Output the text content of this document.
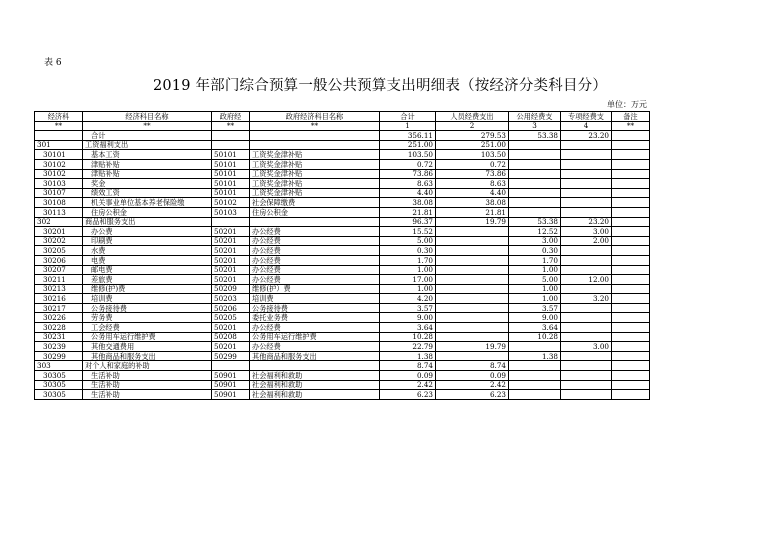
表 6
2019 年部门综合预算一般公共预算支出明细表（按经济分类科目分）
单位：万元
经济科	经济科目名称	政府经	政府经济科目名称	合计	人员经费支出	公用经费支	专项经费支	备注
**	**	**	**	1	2	3	4	**
	合计			356.11	279.53	53.38	23.20	
301	工资福利支出			251.00	251.00			
30101	基本工资	50101	工资奖金津补贴	103.50	103.50			
30102	津贴补贴	50101	工资奖金津补贴	0.72	0.72			
30102	津贴补贴	50101	工资奖金津补贴	73.86	73.86			
30103	奖金	50101	工资奖金津补贴	8.63	8.63			
30107	绩效工资	50101	工资奖金津补贴	4.40	4.40			
30108	机关事业单位基本养老保险缴	50102	社会保障缴费	38.08	38.08			
30113	住房公积金	50103	住房公积金	21.81	21.81			
302	商品和服务支出			96.37	19.79	53.38	23.20	
30201	办公费	50201	办公经费	15.52		12.52	3.00	
30202	印刷费	50201	办公经费	5.00		3.00	2.00	
30205	水费	50201	办公经费	0.30		0.30		
30206	电费	50201	办公经费	1.70		1.70		
30207	邮电费	50201	办公经费	1.00		1.00		
30211	差旅费	50201	办公经费	17.00		5.00	12.00	
30213	维修(护)费	50209	维修(护）费	1.00		1.00		
30216	培训费	50203	培训费	4.20		1.00	3.20	
30217	公务接待费	50206	公务接待费	3.57		3.57		
30226	劳务费	50205	委托业务费	9.00		9.00		
30228	工会经费	50201	办公经费	3.64		3.64		
30231	公务用车运行维护费	50208	公务用车运行维护费	10.28		10.28		
30239	其他交通费用	50201	办公经费	22.79	19.79		3.00	
30299	其他商品和服务支出	50299	其他商品和服务支出	1.38		1.38		
303	对个人和家庭的补助			8.74	8.74			
30305	生活补助	50901	社会福利和救助	0.09	0.09			
30305	生活补助	50901	社会福利和救助	2.42	2.42			
30305	生活补助	50901	社会福利和救助	6.23	6.23			
